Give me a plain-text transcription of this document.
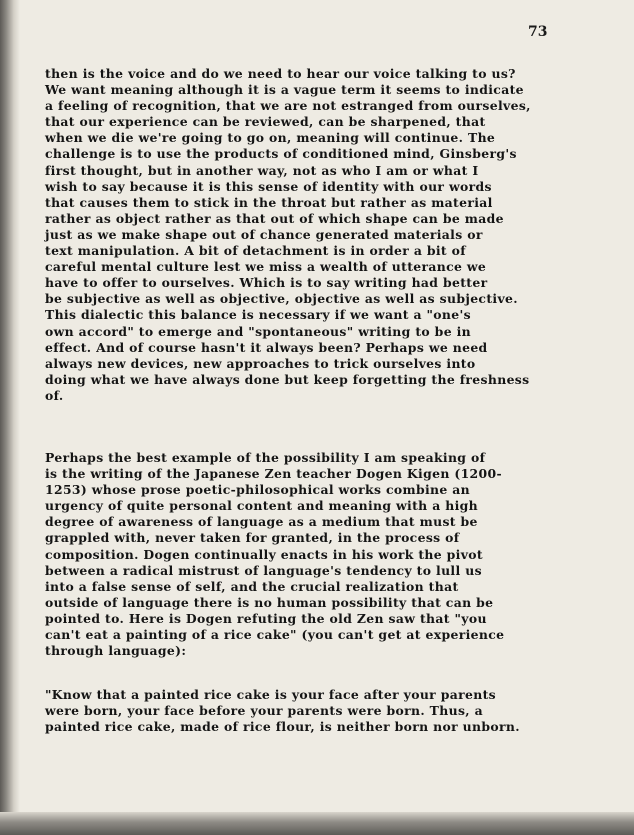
73

then is the voice and do we need to hear our voice talking to us?
We want meaning although it is a vague term it seems to indicate
a feeling of recognition, that we are not estranged from ourselves,
that our experience can be reviewed, can be sharpened, that
when we die we're going to go on, meaning will continue. The
challenge is to use the products of conditioned mind, Ginsberg's
first thought, but in another way, not as who I am or what I
wish to say because it is this sense of identity with our words
that causes them to stick in the throat but rather as material
rather as object rather as that out of which shape can be made
just as we make shape out of chance generated materials or
text manipulation. A bit of detachment is in order a bit of
careful mental culture lest we miss a wealth of utterance we
have to offer to ourselves. Which is to say writing had better
be subjective as well as objective, objective as well as subjective.
This dialectic this balance is necessary if we want a "one's
own accord" to emerge and "spontaneous" writing to be in
effect. And of course hasn't it always been? Perhaps we need
always new devices, new approaches to trick ourselves into
doing what we have always done but keep forgetting the freshness
of.

Perhaps the best example of the possibility I am speaking of
is the writing of the Japanese Zen teacher Dogen Kigen (1200-
1253) whose prose poetic-philosophical works combine an
urgency of quite personal content and meaning with a high
degree of awareness of language as a medium that must be
grappled with, never taken for granted, in the process of
composition. Dogen continually enacts in his work the pivot
between a radical mistrust of language's tendency to lull us
into a false sense of self, and the crucial realization that
outside of language there is no human possibility that can be
pointed to. Here is Dogen refuting the old Zen saw that "you
can't eat a painting of a rice cake" (you can't get at experience
through language):

"Know that a painted rice cake is your face after your parents
were born, your face before your parents were born. Thus, a
painted rice cake, made of rice flour, is neither born nor unborn.
